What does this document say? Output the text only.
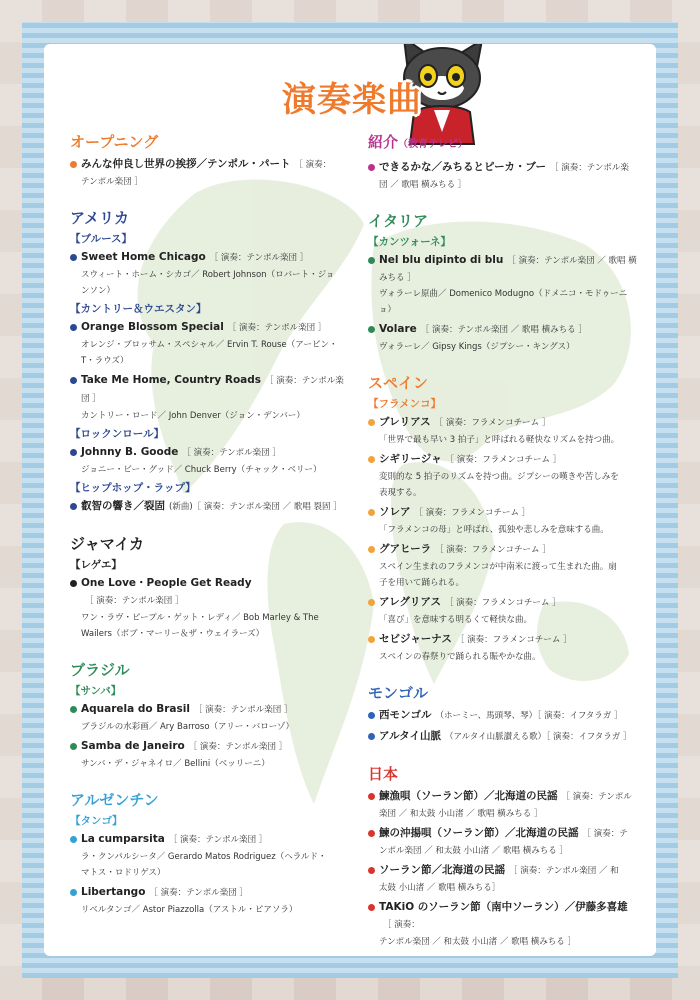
演奏楽曲
オープニング
みんな仲良し世界の挨拶／テンポル・パート ［ 演奏：
テンポル楽団 ］
アメリカ
【ブルース】
Sweet Home Chicago ［ 演奏：テンポル楽団 ］
スウィート・ホーム・シカゴ／ Robert Johnson（ロバート・ジョ
ンソン）
【カントリー＆ウエスタン】
Orange Blossom Special ［ 演奏：テンポル楽団 ］
オレンジ・ブロッサム・スペシャル／ Ervin T. Rouse（アービン・
T・ラウズ）
Take Me Home, Country Roads ［ 演奏：テンポル楽団 ］
カントリー・ロード／ John Denver（ジョン・デンバー）
【ロックンロール】
Johnny B. Goode ［ 演奏：テンポル楽団 ］
ジョニー・ビー・グッド／ Chuck Berry（チャック・ベリー）
【ヒップホップ・ラップ】
叡智の響き／裂固 (新曲)［ 演奏：テンポル楽団 ／ 歌唱 裂固 ］
ジャマイカ
【レゲエ】
One Love・People Get Ready［ 演奏：テンポル楽団 ］
ワン・ラヴ・ピープル・ゲット・レディ／ Bob Marley & The
Wailers（ボブ・マーリー＆ザ・ウェイラーズ）
ブラジル
【サンバ】
Aquarela do Brasil ［ 演奏：テンポル楽団 ］
ブラジルの水彩画／ Ary Barroso（アリー・バローゾ）
Samba de Janeiro ［ 演奏：テンポル楽団 ］
サンバ・デ・ジャネイロ／ Bellini（ベッリーニ）
アルゼンチン
【タンゴ】
La cumparsita ［ 演奏：テンポル楽団 ］
ラ・クンパルシータ／ Gerardo Matos Rodriguez（ヘラルド・
マトス・ロドリゲス）
Libertango ［ 演奏：テンポル楽団 ］
リベルタンゴ／ Astor Piazzolla（アストル・ピアソラ）
紹介（教育テレビ）
できるかな／みちるとピーカ・ブー ［ 演奏：テンポル楽
団 ／ 歌唱 横みちる ］
イタリア
【カンツォーネ】
Nel blu dipinto di blu ［ 演奏：テンポル楽団 ／ 歌唱 横
みちる ］
ヴォラーレ原曲／ Domenico Modugno（ドメニコ・モドゥーニョ）
Volare ［ 演奏：テンポル楽団 ／ 歌唱 横みちる ］
ヴォラーレ／ Gipsy Kings（ジプシー・キングス）
スペイン
【フラメンコ】
ブレリアス ［ 演奏：フラメンコチーム ］
「世界で最も早い 3 拍子」と呼ばれる軽快なリズムを持つ曲。
シギリージャ ［ 演奏：フラメンコチーム ］
変則的な 5 拍子のリズムを持つ曲。ジプシーの嘆きや苦しみを
表現する。
ソレア ［ 演奏：フラメンコチーム ］
「フラメンコの母」と呼ばれ、孤独や悲しみを意味する曲。
グアヒーラ ［ 演奏：フラメンコチーム ］
スペイン生まれのフラメンコが中南米に渡って生まれた曲。扇
子を用いて踊られる。
アレグリアス ［ 演奏：フラメンコチーム ］
「喜び」を意味する明るくて軽快な曲。
セビジャーナス ［ 演奏：フラメンコチーム ］
スペインの春祭りで踊られる賑やかな曲。
モンゴル
西モンゴル （ホーミー、馬頭琴、琴）［ 演奏：イフタラガ ］
アルタイ山脈 （アルタイ山脈讃える歌）［ 演奏：イフタラガ ］
日本
鰊漁唄（ソーラン節）／北海道の民謡 ［ 演奏：テンポル
楽団 ／ 和太鼓 小山渚 ／ 歌唱 横みちる ］
鰊の沖揚唄（ソーラン節）／北海道の民謡 ［ 演奏：テ
ンポル楽団 ／ 和太鼓 小山渚 ／ 歌唱 横みちる ］
ソーラン節／北海道の民謡 ［ 演奏：テンポル楽団 ／ 和
太鼓 小山渚 ／ 歌唱 横みちる］
TAKiO のソーラン節（南中ソーラン）／伊藤多喜雄［ 演奏：
テンポル楽団 ／ 和太鼓 小山渚 ／ 歌唱 横みちる ］
